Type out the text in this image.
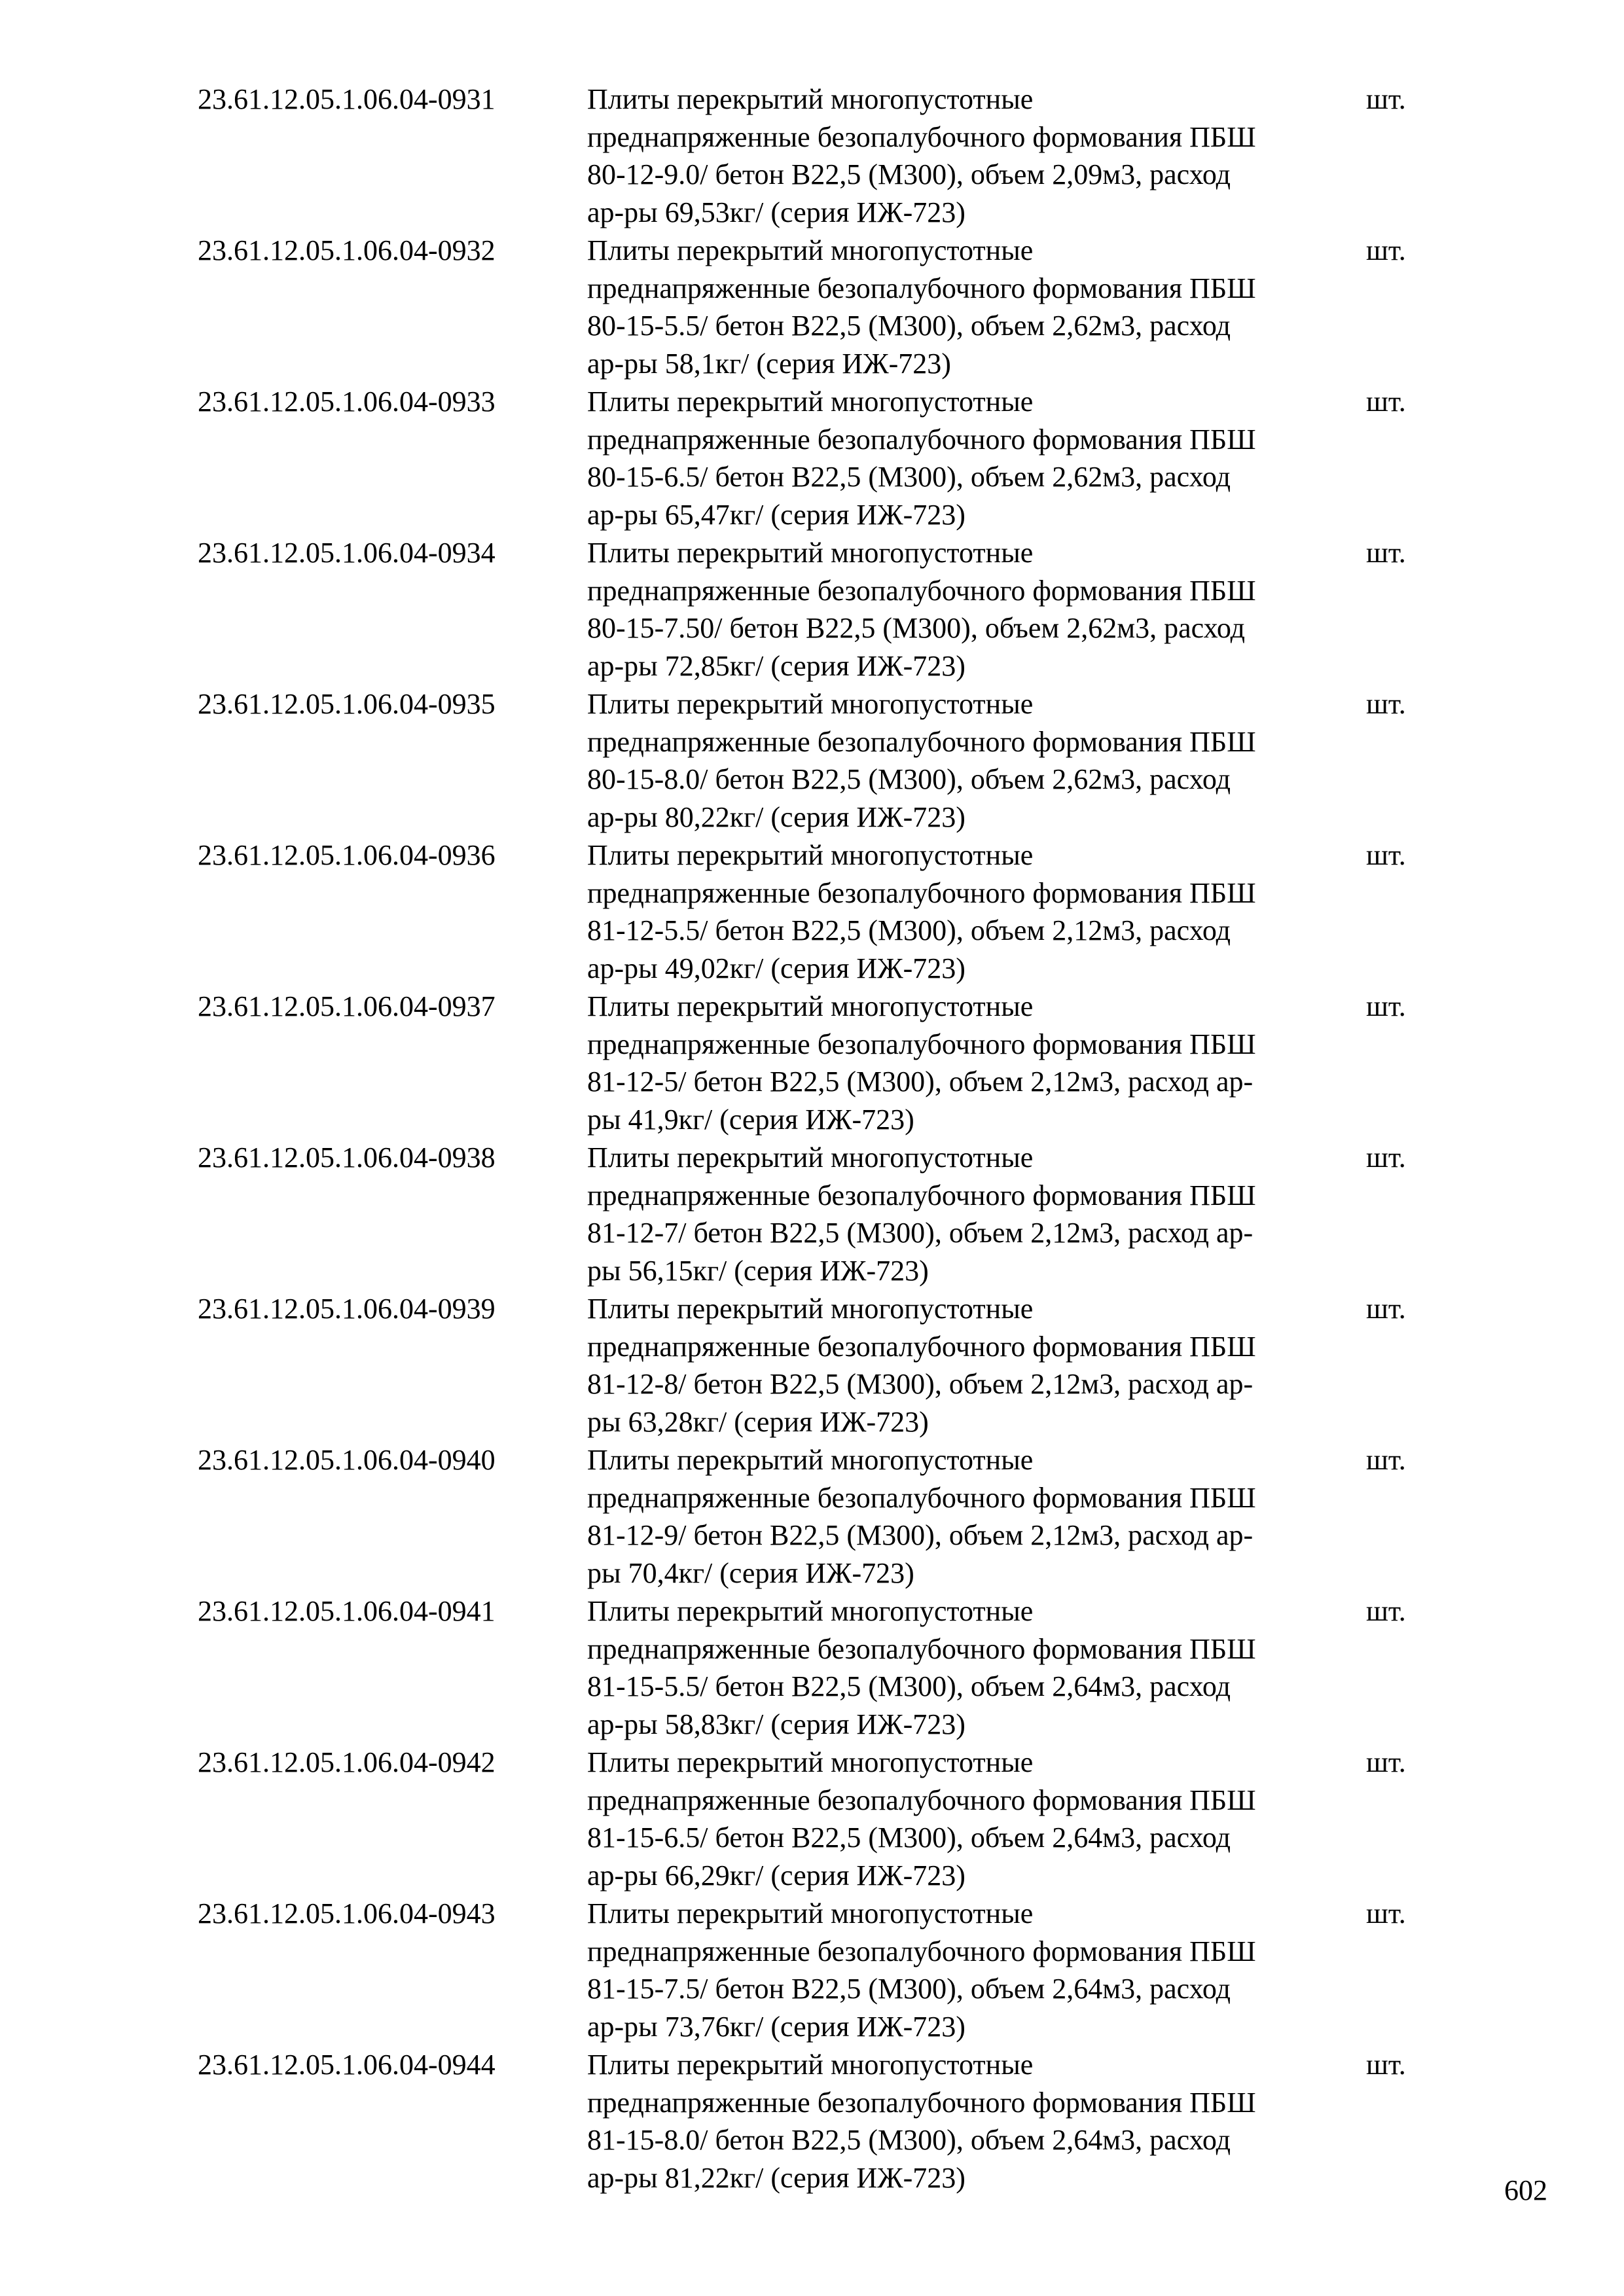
23.61.12.05.1.06.04-0931	Плиты перекрытий многопустотные
преднапряженные безопалубочного формования ПБШ
80-12-9.0/ бетон В22,5 (М300), объем 2,09м3, расход
ар-ры 69,53кг/ (серия ИЖ-723)
шт.
23.61.12.05.1.06.04-0932	Плиты перекрытий многопустотные
преднапряженные безопалубочного формования ПБШ
80-15-5.5/ бетон В22,5 (М300), объем 2,62м3, расход
ар-ры 58,1кг/ (серия ИЖ-723)
шт.
23.61.12.05.1.06.04-0933	Плиты перекрытий многопустотные
преднапряженные безопалубочного формования ПБШ
80-15-6.5/ бетон В22,5 (М300), объем 2,62м3, расход
ар-ры 65,47кг/ (серия ИЖ-723)
шт.
23.61.12.05.1.06.04-0934	Плиты перекрытий многопустотные
преднапряженные безопалубочного формования ПБШ
80-15-7.50/ бетон В22,5 (М300), объем 2,62м3, расход
ар-ры 72,85кг/ (серия ИЖ-723)
шт.
23.61.12.05.1.06.04-0935	Плиты перекрытий многопустотные
преднапряженные безопалубочного формования ПБШ
80-15-8.0/ бетон В22,5 (М300), объем 2,62м3, расход
ар-ры 80,22кг/ (серия ИЖ-723)
шт.
23.61.12.05.1.06.04-0936	Плиты перекрытий многопустотные
преднапряженные безопалубочного формования ПБШ
81-12-5.5/ бетон В22,5 (М300), объем 2,12м3, расход
ар-ры 49,02кг/ (серия ИЖ-723)
шт.
23.61.12.05.1.06.04-0937	Плиты перекрытий многопустотные
преднапряженные безопалубочного формования ПБШ
81-12-5/ бетон В22,5 (М300), объем 2,12м3, расход ар-
ры 41,9кг/ (серия ИЖ-723)
шт.
23.61.12.05.1.06.04-0938	Плиты перекрытий многопустотные
преднапряженные безопалубочного формования ПБШ
81-12-7/ бетон В22,5 (М300), объем 2,12м3, расход ар-
ры 56,15кг/ (серия ИЖ-723)
шт.
23.61.12.05.1.06.04-0939	Плиты перекрытий многопустотные
преднапряженные безопалубочного формования ПБШ
81-12-8/ бетон В22,5 (М300), объем 2,12м3, расход ар-
ры 63,28кг/ (серия ИЖ-723)
шт.
23.61.12.05.1.06.04-0940	Плиты перекрытий многопустотные
преднапряженные безопалубочного формования ПБШ
81-12-9/ бетон В22,5 (М300), объем 2,12м3, расход ар-
ры 70,4кг/ (серия ИЖ-723)
шт.
23.61.12.05.1.06.04-0941	Плиты перекрытий многопустотные
преднапряженные безопалубочного формования ПБШ
81-15-5.5/ бетон В22,5 (М300), объем 2,64м3, расход
ар-ры 58,83кг/ (серия ИЖ-723)
шт.
23.61.12.05.1.06.04-0942	Плиты перекрытий многопустотные
преднапряженные безопалубочного формования ПБШ
81-15-6.5/ бетон В22,5 (М300), объем 2,64м3, расход
ар-ры 66,29кг/ (серия ИЖ-723)
шт.
23.61.12.05.1.06.04-0943	Плиты перекрытий многопустотные
преднапряженные безопалубочного формования ПБШ
81-15-7.5/ бетон В22,5 (М300), объем 2,64м3, расход
ар-ры 73,76кг/ (серия ИЖ-723)
шт.
23.61.12.05.1.06.04-0944	Плиты перекрытий многопустотные
преднапряженные безопалубочного формования ПБШ
81-15-8.0/ бетон В22,5 (М300), объем 2,64м3, расход
ар-ры 81,22кг/ (серия ИЖ-723)
шт.
602
